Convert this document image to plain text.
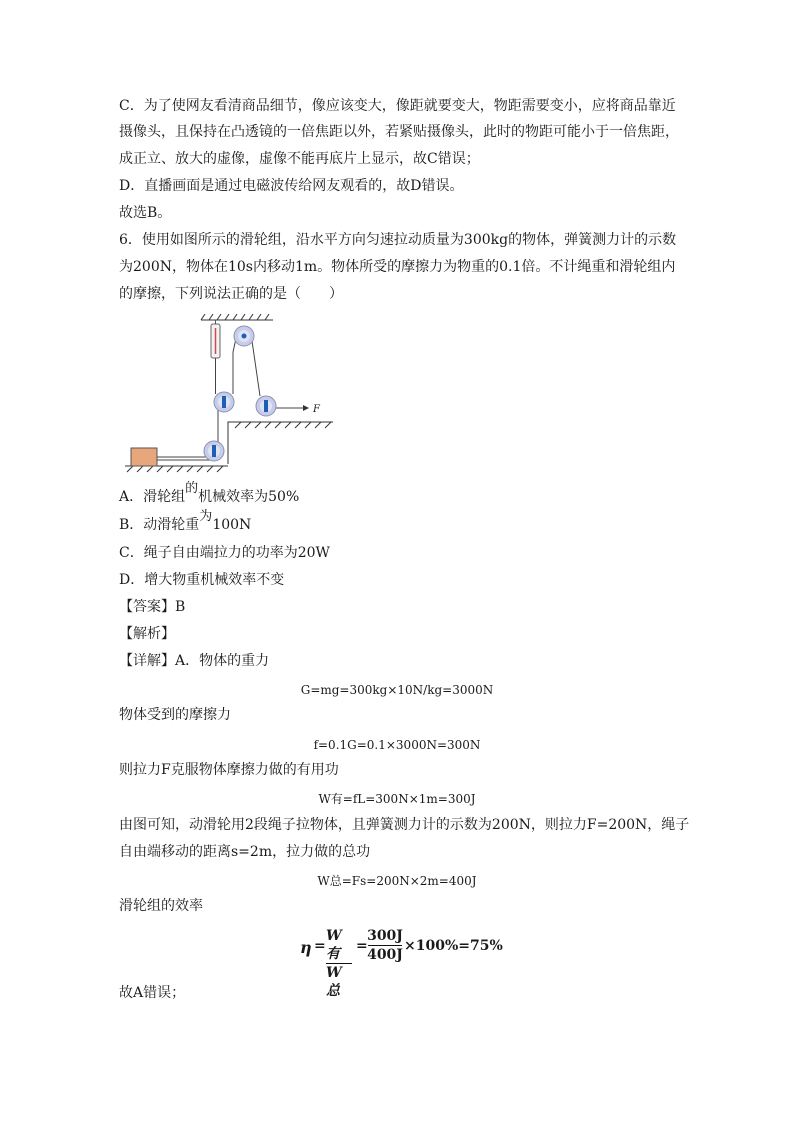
C．为了使网友看清商品细节，像应该变大，像距就要变大，物距需要变小，应将商品靠近
摄像头，且保持在凸透镜的一倍焦距以外，若紧贴摄像头，此时的物距可能小于一倍焦距，
成正立、放大的虚像，虚像不能再底片上显示，故C错误；
D．直播画面是通过电磁波传给网友观看的，故D错误。
故选B。
6．使用如图所示的滑轮组，沿水平方向匀速拉动质量为300kg的物体，弹簧测力计的示数
为200N，物体在10s内移动1m。物体所受的摩擦力为物重的0.1倍。不计绳重和滑轮组内
的摩擦，下列说法正确的是（　　）
F
A．滑轮组的机械效率为50%
B．动滑轮重为100N
C．绳子自由端拉力的功率为20W
D．增大物重机械效率不变
【答案】B
【解析】
【详解】A．物体的重力
G=mg=300kg×10N/kg=3000N
物体受到的摩擦力
f=0.1G=0.1×3000N=300N
则拉力F克服物体摩擦力做的有用功
W有=fL=300N×1m=300J
由图可知，动滑轮用2段绳子拉物体，且弹簧测力计的示数为200N，则拉力F=200N，绳子
自由端移动的距离s=2m，拉力做的总功
W总=Fs=200N×2m=400J
滑轮组的效率
η =
W有
W总
=
300J
400J
×100%=75%
故A错误；
